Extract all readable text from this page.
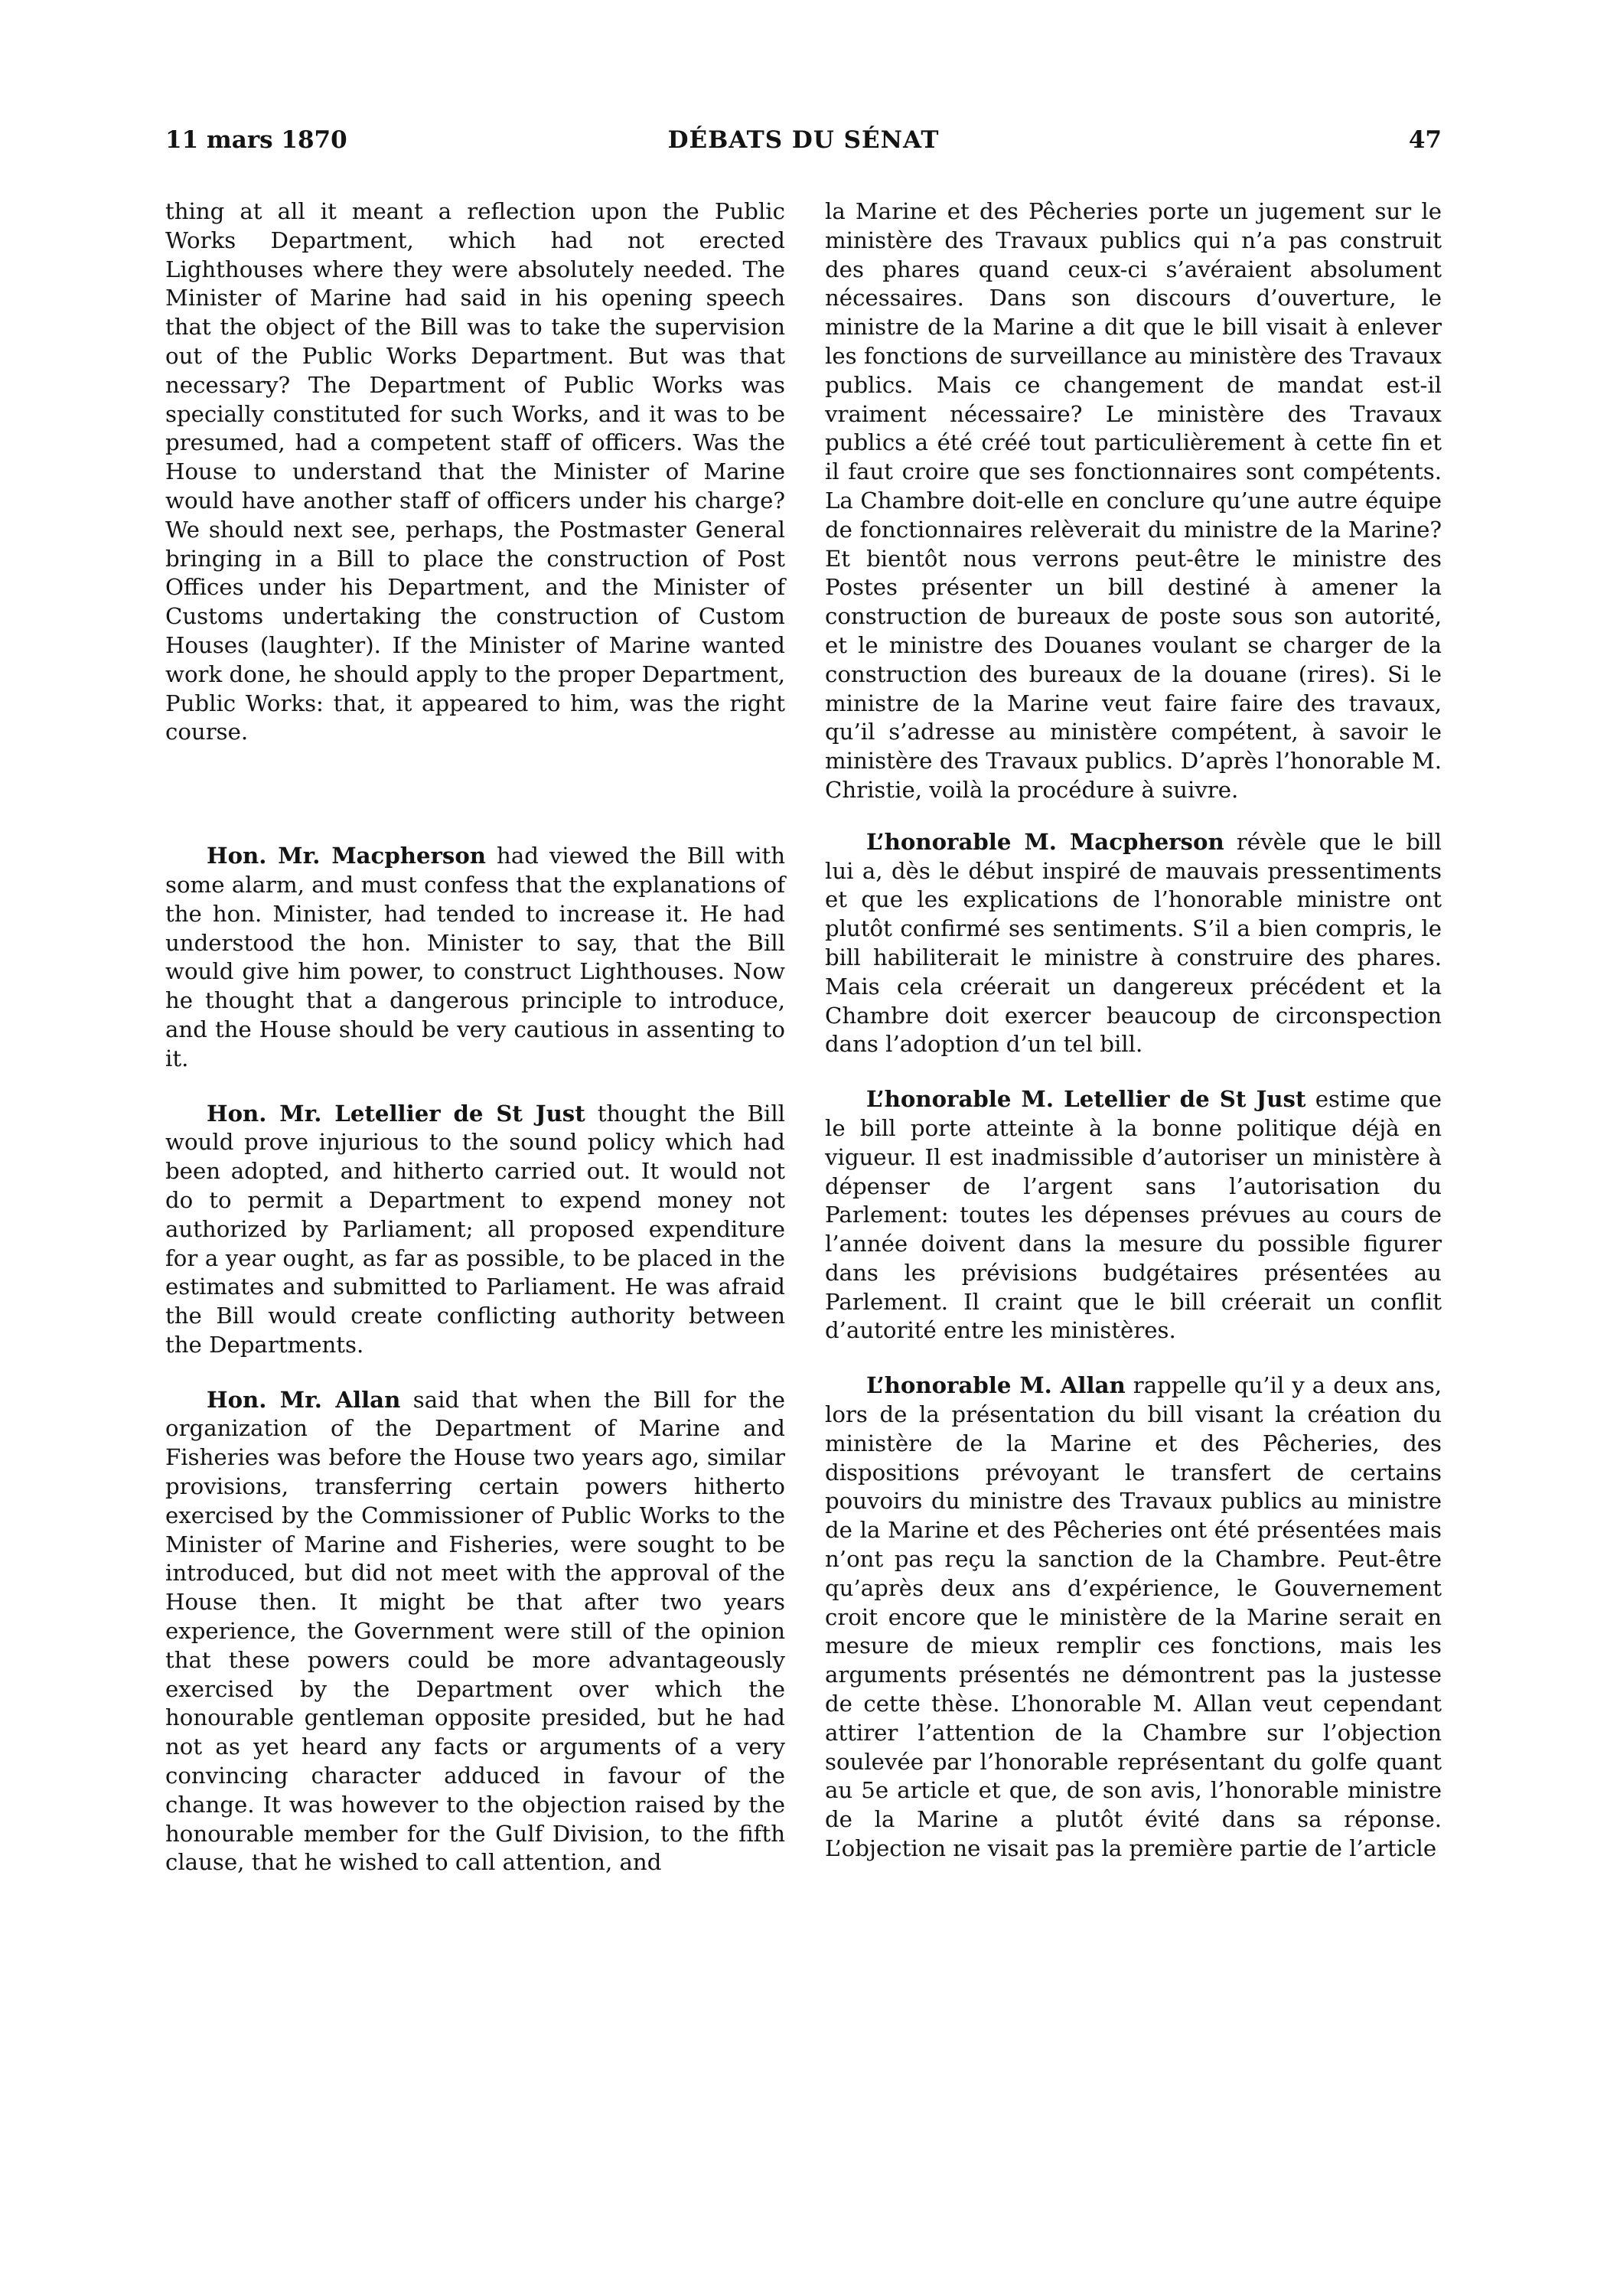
11 mars 1870	DÉBATS DU SÉNAT	47

thing at all it meant a reflection upon the Public Works Department, which had not erected Lighthouses where they were absolutely needed. The Minister of Marine had said in his opening speech that the object of the Bill was to take the supervision out of the Public Works Department. But was that necessary? The Department of Public Works was specially constituted for such Works, and it was to be presumed, had a competent staff of officers. Was the House to understand that the Minister of Marine would have another staff of officers under his charge? We should next see, perhaps, the Postmaster General bringing in a Bill to place the construction of Post Offices under his Department, and the Minister of Customs undertaking the construction of Custom Houses (laughter). If the Minister of Marine wanted work done, he should apply to the proper Department, Public Works: that, it appeared to him, was the right course.

Hon. Mr. Macpherson had viewed the Bill with some alarm, and must confess that the explanations of the hon. Minister, had tended to increase it. He had understood the hon. Minister to say, that the Bill would give him power, to construct Lighthouses. Now he thought that a dangerous principle to introduce, and the House should be very cautious in assenting to it.

Hon. Mr. Letellier de St Just thought the Bill would prove injurious to the sound policy which had been adopted, and hitherto carried out. It would not do to permit a Department to expend money not authorized by Parliament; all proposed expenditure for a year ought, as far as possible, to be placed in the estimates and submitted to Parliament. He was afraid the Bill would create conflicting authority between the Departments.

Hon. Mr. Allan said that when the Bill for the organization of the Department of Marine and Fisheries was before the House two years ago, similar provisions, transferring certain powers hitherto exercised by the Commissioner of Public Works to the Minister of Marine and Fisheries, were sought to be introduced, but did not meet with the approval of the House then. It might be that after two years experience, the Government were still of the opinion that these powers could be more advantageously exercised by the Department over which the honourable gentleman opposite presided, but he had not as yet heard any facts or arguments of a very convincing character adduced in favour of the change. It was however to the objection raised by the honourable member for the Gulf Division, to the fifth clause, that he wished to call attention, and

la Marine et des Pêcheries porte un jugement sur le ministère des Travaux publics qui n’a pas construit des phares quand ceux-ci s’avéraient absolument nécessaires. Dans son discours d’ouverture, le ministre de la Marine a dit que le bill visait à enlever les fonctions de surveillance au ministère des Travaux publics. Mais ce changement de mandat est-il vraiment nécessaire? Le ministère des Travaux publics a été créé tout particulièrement à cette fin et il faut croire que ses fonctionnaires sont compétents. La Chambre doit-elle en conclure qu’une autre équipe de fonctionnaires relèverait du ministre de la Marine? Et bientôt nous verrons peut-être le ministre des Postes présenter un bill destiné à amener la construction de bureaux de poste sous son autorité, et le ministre des Douanes voulant se charger de la construction des bureaux de la douane (rires). Si le ministre de la Marine veut faire faire des travaux, qu’il s’adresse au ministère compétent, à savoir le ministère des Travaux publics. D’après l’honorable M. Christie, voilà la procédure à suivre.

L’honorable M. Macpherson révèle que le bill lui a, dès le début inspiré de mauvais pressentiments et que les explications de l’honorable ministre ont plutôt confirmé ses sentiments. S’il a bien compris, le bill habiliterait le ministre à construire des phares. Mais cela créerait un dangereux précédent et la Chambre doit exercer beaucoup de circonspection dans l’adoption d’un tel bill.

L’honorable M. Letellier de St Just estime que le bill porte atteinte à la bonne politique déjà en vigueur. Il est inadmissible d’autoriser un ministère à dépenser de l’argent sans l’autorisation du Parlement: toutes les dépenses prévues au cours de l’année doivent dans la mesure du possible figurer dans les prévisions budgétaires présentées au Parlement. Il craint que le bill créerait un conflit d’autorité entre les ministères.

L’honorable M. Allan rappelle qu’il y a deux ans, lors de la présentation du bill visant la création du ministère de la Marine et des Pêcheries, des dispositions prévoyant le transfert de certains pouvoirs du ministre des Travaux publics au ministre de la Marine et des Pêcheries ont été présentées mais n’ont pas reçu la sanction de la Chambre. Peut-être qu’après deux ans d’expérience, le Gouvernement croit encore que le ministère de la Marine serait en mesure de mieux remplir ces fonctions, mais les arguments présentés ne démontrent pas la justesse de cette thèse. L’honorable M. Allan veut cependant attirer l’attention de la Chambre sur l’objection soulevée par l’honorable représentant du golfe quant au 5e article et que, de son avis, l’honorable ministre de la Marine a plutôt évité dans sa réponse. L’objection ne visait pas la première partie de l’article
